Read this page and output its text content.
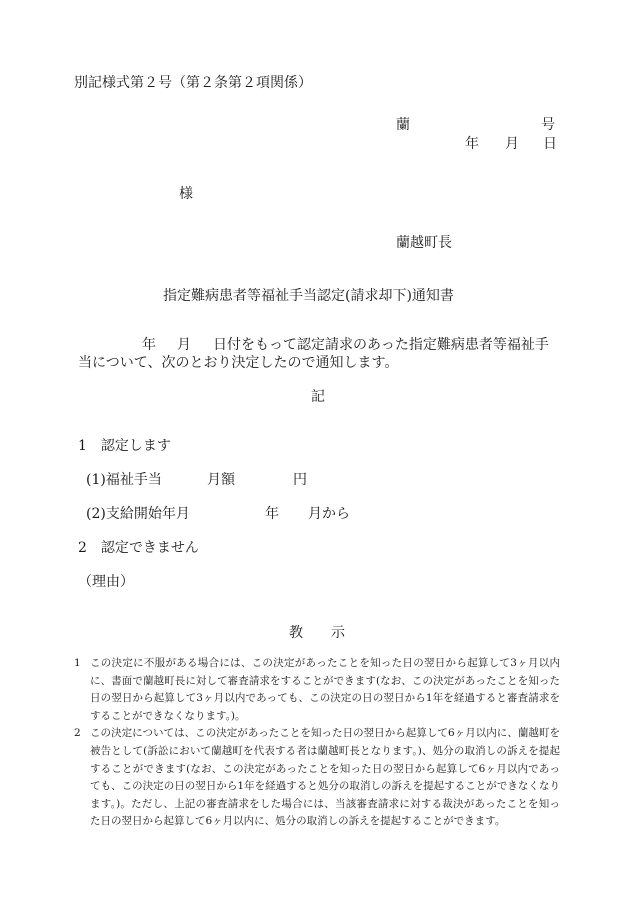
別記様式第２号（第２条第２項関係）
蘭	号
年 月 日
様
蘭越町長
指定難病患者等福祉手当認定(請求却下)通知書
年 月 日付をもって認定請求のあった指定難病患者等福祉手
当について、次のとおり決定したので通知します。
記
1　認定します
(1)福祉手当	月額	円
(2)支給開始年月	年 月から
2　認定できません
（理由）
教　　示
1 この決定に不服がある場合には、この決定があったことを知った日の翌日から起算して3ヶ月以内に、書面で蘭越町長に対して審査請求をすることができます(なお、この決定があったことを知った日の翌日から起算して3ヶ月以内であっても、この決定の日の翌日から1年を経過すると審査請求をすることができなくなります。)。
2 この決定については、この決定があったことを知った日の翌日から起算して6ヶ月以内に、蘭越町を被告として(訴訟において蘭越町を代表する者は蘭越町長となります。)、処分の取消しの訴えを提起することができます(なお、この決定があったことを知った日の翌日から起算して6ヶ月以内であっても、この決定の日の翌日から1年を経過すると処分の取消しの訴えを提起することができなくなります。)。ただし、上記の審査請求をした場合には、当該審査請求に対する裁決があったことを知った日の翌日から起算して6ヶ月以内に、処分の取消しの訴えを提起することができます。
